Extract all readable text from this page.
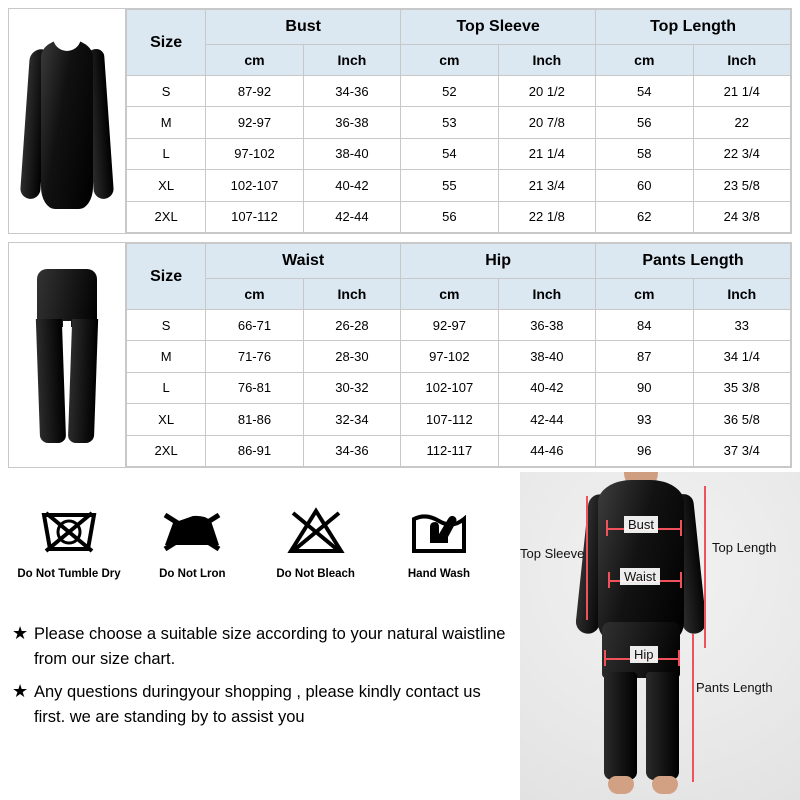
Size	Bust		Top Sleeve		Top Length	
	cm	Inch	cm	Inch	cm	Inch
S	87-92	34-36	52	20 1/2	54	21 1/4
M	92-97	36-38	53	20 7/8	56	22
L	97-102	38-40	54	21 1/4	58	22 3/4
XL	102-107	40-42	55	21 3/4	60	23 5/8
2XL	107-112	42-44	56	22 1/8	62	24 3/8
Size	Waist		Hip		Pants Length	
	cm	Inch	cm	Inch	cm	Inch
S	66-71	26-28	92-97	36-38	84	33
M	71-76	28-30	97-102	38-40	87	34 1/4
L	76-81	30-32	102-107	40-42	90	35 3/8
XL	81-86	32-34	107-112	42-44	93	36 5/8
2XL	86-91	34-36	112-117	44-46	96	37 3/4
Do Not Tumble Dry	Do Not Lron	Do Not Bleach	Hand Wash
★ Please choose a suitable size according to your natural waistline from our size chart.
★ Any questions duringyour shopping , please kindly contact us first. we are standing by to assist you
Bust
Waist
Hip
Top Sleeve	Top Length
Pants Length
